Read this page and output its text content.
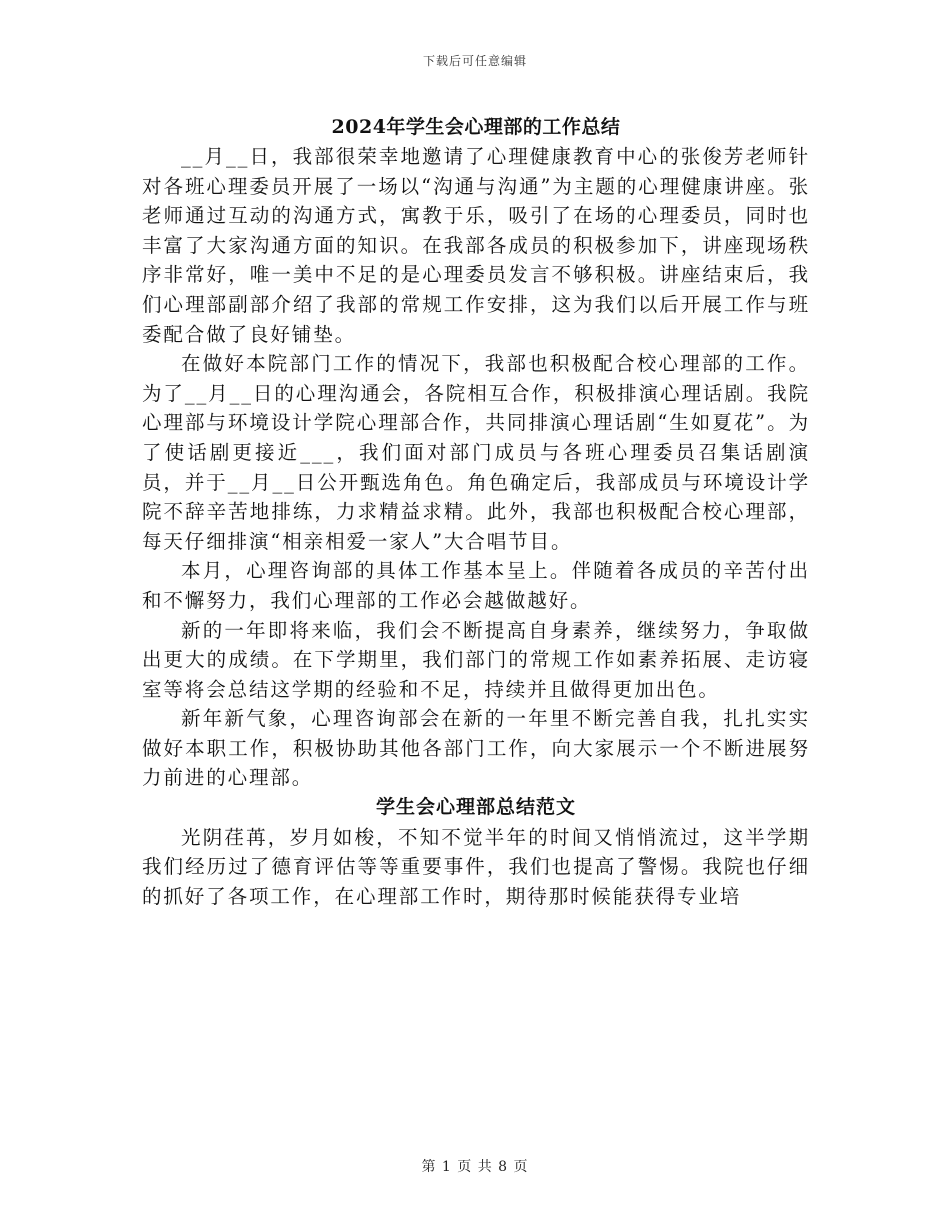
下载后可任意编辑
2024年学生会心理部的工作总结

__月__日，我部很荣幸地邀请了心理健康教育中心的张俊芳老师针对各班心理委员开展了一场以“沟通与沟通”为主题的心理健康讲座。张老师通过互动的沟通方式，寓教于乐，吸引了在场的心理委员，同时也丰富了大家沟通方面的知识。在我部各成员的积极参加下，讲座现场秩序非常好，唯一美中不足的是心理委员发言不够积极。讲座结束后，我们心理部副部介绍了我部的常规工作安排，这为我们以后开展工作与班委配合做了良好铺垫。

在做好本院部门工作的情况下，我部也积极配合校心理部的工作。为了__月__日的心理沟通会，各院相互合作，积极排演心理话剧。我院心理部与环境设计学院心理部合作，共同排演心理话剧“生如夏花”。为了使话剧更接近___，我们面对部门成员与各班心理委员召集话剧演员，并于__月__日公开甄选角色。角色确定后，我部成员与环境设计学院不辞辛苦地排练，力求精益求精。此外，我部也积极配合校心理部，每天仔细排演“相亲相爱一家人”大合唱节目。

本月，心理咨询部的具体工作基本呈上。伴随着各成员的辛苦付出和不懈努力，我们心理部的工作必会越做越好。

新的一年即将来临，我们会不断提高自身素养，继续努力，争取做出更大的成绩。在下学期里，我们部门的常规工作如素养拓展、走访寝室等将会总结这学期的经验和不足，持续并且做得更加出色。

新年新气象，心理咨询部会在新的一年里不断完善自我，扎扎实实做好本职工作，积极协助其他各部门工作，向大家展示一个不断进展努力前进的心理部。

学生会心理部总结范文

光阴荏苒，岁月如梭，不知不觉半年的时间又悄悄流过，这半学期我们经历过了德育评估等等重要事件，我们也提高了警惕。我院也仔细的抓好了各项工作，在心理部工作时，期待那时候能获得专业培

第 1 页 共 8 页
